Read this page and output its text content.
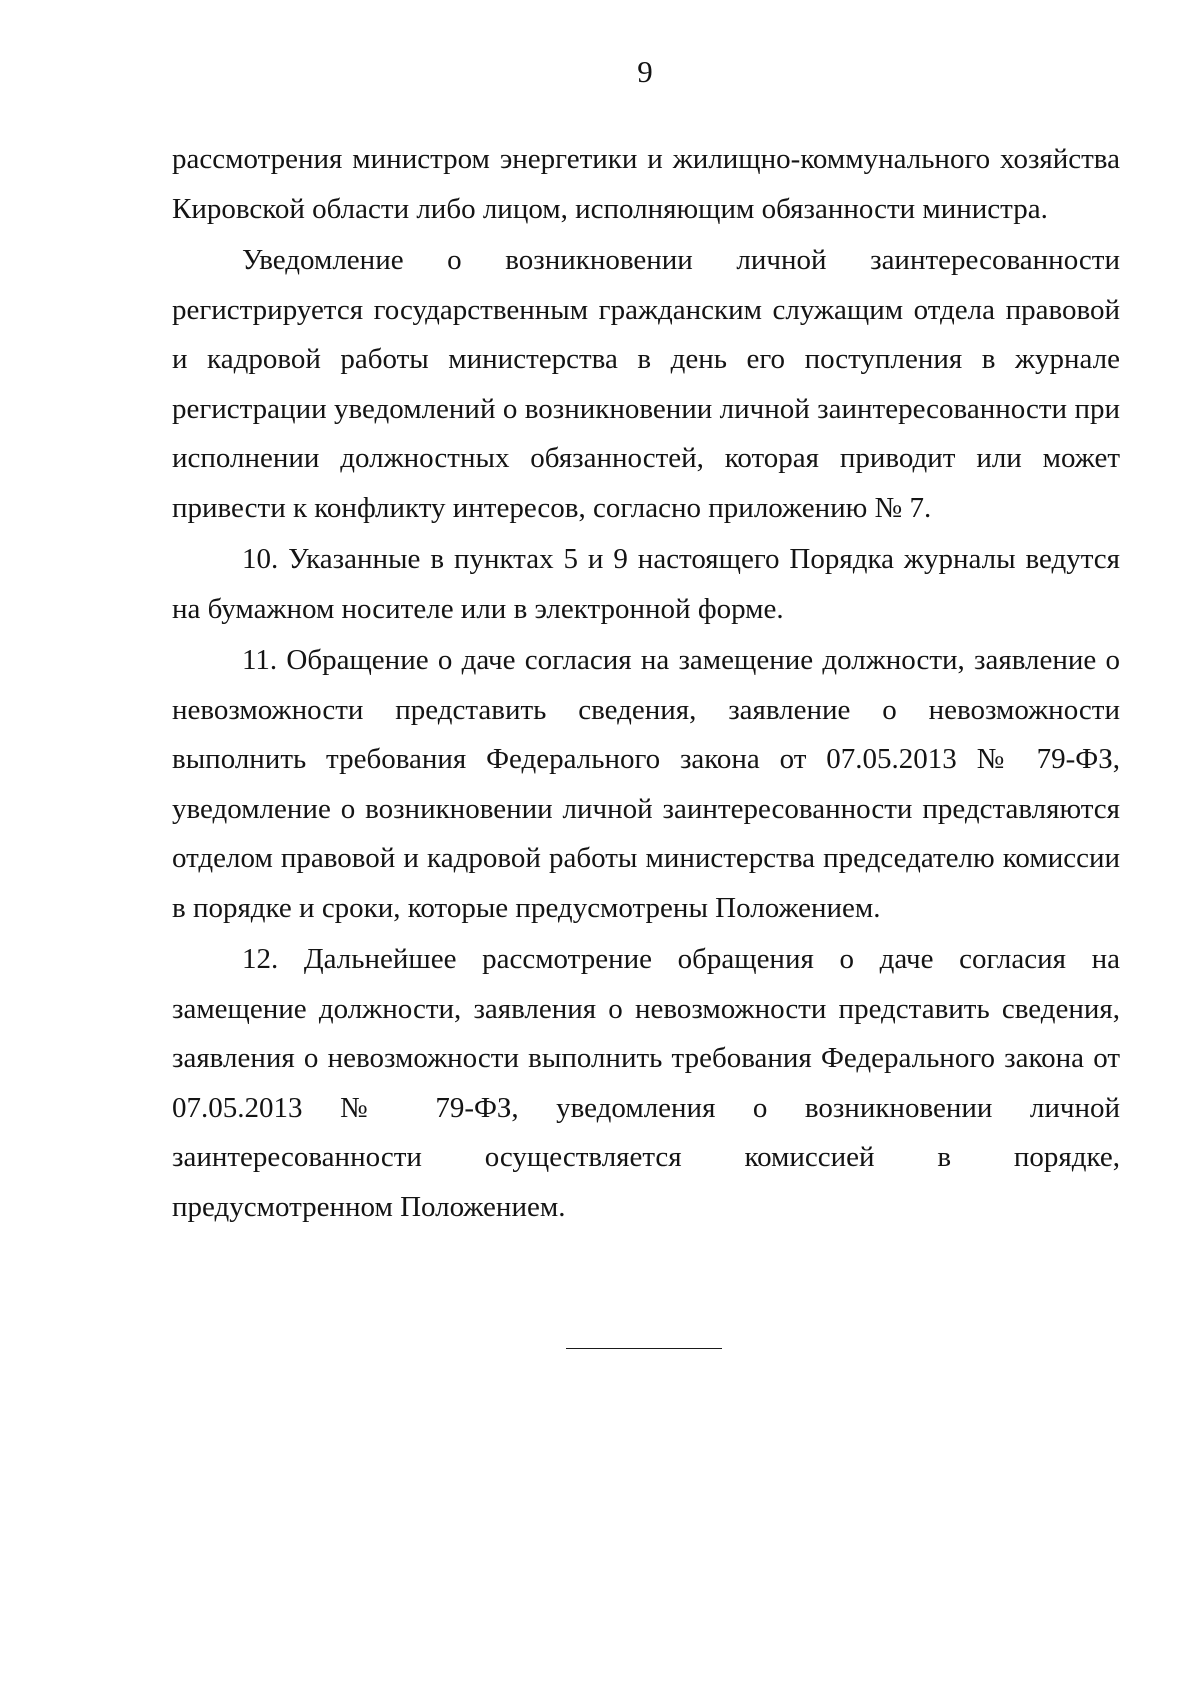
9

рассмотрения министром энергетики и жилищно-коммунального хозяйства Кировской области либо лицом, исполняющим обязанности министра.

Уведомление о возникновении личной заинтересованности регистрируется государственным гражданским служащим отдела правовой и кадровой работы министерства в день его поступления в журнале регистрации уведомлений о возникновении личной заинтересованности при исполнении должностных обязанностей, которая приводит или может привести к конфликту интересов, согласно приложению № 7.

10. Указанные в пунктах 5 и 9 настоящего Порядка журналы ведутся на бумажном носителе или в электронной форме.

11. Обращение о даче согласия на замещение должности, заявление о невозможности представить сведения, заявление о невозможности выполнить требования Федерального закона от 07.05.2013 № 79-ФЗ, уведомление о возникновении личной заинтересованности представляются отделом правовой и кадровой работы министерства председателю комиссии в порядке и сроки, которые предусмотрены Положением.

12. Дальнейшее рассмотрение обращения о даче согласия на замещение должности, заявления о невозможности представить сведения, заявления о невозможности выполнить требования Федерального закона от 07.05.2013 № 79-ФЗ, уведомления о возникновении личной заинтересованности осуществляется комиссией в порядке, предусмотренном Положением.
